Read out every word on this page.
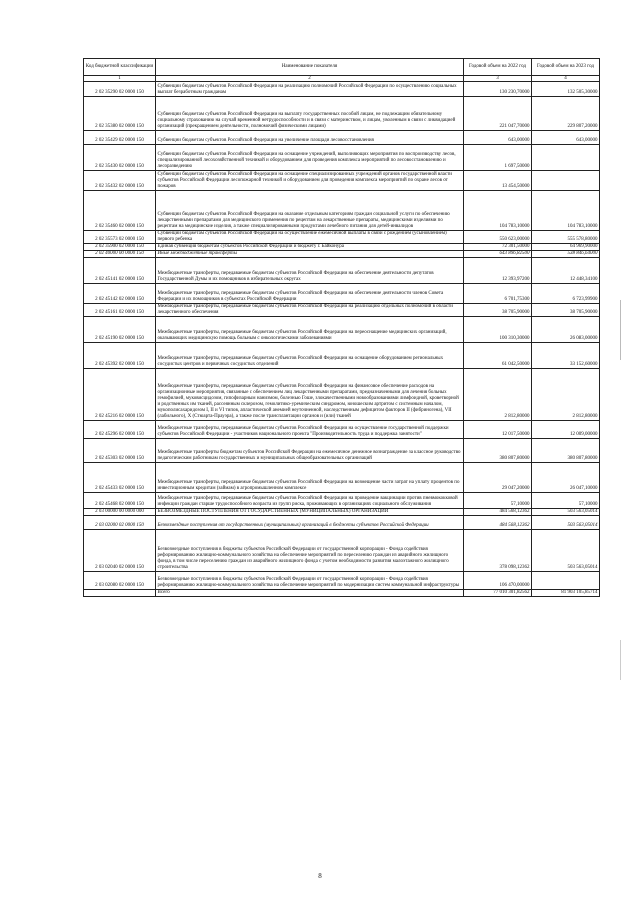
Код бюджетной классификации	Наименование показателя	Годовой объем на 2022 год	Годовой объем на 2023 год
1	2	3	4
2 02 35290 02 0000 150	Субвенции бюджетам субъектов Российской Федерации на реализацию полномочий Российской Федерации по осуществлению социальных выплат безработным гражданам	130 230,70000	132 505,30000
2 02 35380 02 0000 150	Субвенции бюджетам субъектов Российской Федерации на выплату государственных пособий лицам, не подлежащим обязательному социальному страхованию на случай временной нетрудоспособности и в связи с материнством, и лицам, уволенным в связи с ликвидацией организаций (прекращением деятельности, полномочий физическими лицами)	221 047,70000	229 807,20000
2 02 35429 02 0000 150	Субвенции бюджетам субъектов Российской Федерации на увеличение площади лесовосстановления	643,00000	643,00000
2 02 35430 02 0000 150	Субвенции бюджетам субъектов Российской Федерации на оснащение учреждений, выполняющих мероприятия по воспроизводству лесов, специализированной лесохозяйственной техникой и оборудованием для проведения комплекса мероприятий по лесовосстановлению и лесоразведению	1 697,50000	
2 02 35432 02 0000 150	Субвенции бюджетам субъектов Российской Федерации на оснащение специализированных учреждений органов государственной власти субъектов Российской Федерации лесопожарной техникой и оборудованием для проведения комплекса мероприятий по охране лесов от пожаров	13 454,50000	
2 02 35460 02 0000 150	Субвенции бюджетам субъектов Российской Федерации на оказание отдельным категориям граждан социальной услуги по обеспечению лекарственными препаратами для медицинского применения по рецептам на лекарственные препараты, медицинскими изделиями по рецептам на медицинские изделия, а также специализированными продуктами лечебного питания для детей-инвалидов	104 783,10000	104 783,10000
2 02 35573 02 0000 150	Субвенции бюджетам субъектов Российской Федерации на осуществление ежемесячной выплаты в связи с рождением (усыновлением) первого ребенка	550 623,00000	555 578,80000
2 02 35900 02 0000 150	Единая субвенция бюджетам субъектов Российской Федерации и бюджету г. Байконура	72 301,50000	64 969,90000
2 02 40000 00 0000 150	Иные межбюджетные трансферты	643 896,82500	538 846,64000
2 02 45141 02 0000 150	Межбюджетные трансферты, передаваемые бюджетам субъектов Российской Федерации на обеспечение деятельности депутатов Государственной Думы и их помощников в избирательных округах	12 393,97200	12 448,34100
2 02 45142 02 0000 150	Межбюджетные трансферты, передаваемые бюджетам субъектов Российской Федерации на обеспечение деятельности членов Совета Федерации и их помощников в субъектах Российской Федерации	6 701,75300	6 723,99900
2 02 45161 02 0000 150	Межбюджетные трансферты, передаваемые бюджетам субъектов Российской Федерации на реализацию отдельных полномочий в области лекарственного обеспечения	38 705,90000	38 705,90000
2 02 45190 02 0000 150	Межбюджетные трансферты, передаваемые бюджетам субъектов Российской Федерации на переоснащение медицинских организаций, оказывающих медицинскую помощь больным с онкологическими заболеваниями	100 310,30000	26 083,00000
2 02 45392 02 0000 150	Межбюджетные трансферты, передаваемые бюджетам субъектов Российской Федерации на оснащение оборудованием региональных сосудистых центров и первичных сосудистых отделений	61 042,50000	33 152,60000
2 02 45216 02 0000 150	Межбюджетные трансферты, передаваемые бюджетам субъектов Российской Федерации на финансовое обеспечение расходов на организационные мероприятия, связанные с обеспечением лиц лекарственными препаратами, предназначенными для лечения больных гемофилией, муковисцидозом, гипофизарным нанизмом, болезнью Гоше, злокачественными новообразованиями лимфоидной, кроветворной и родственных им тканей, рассеянным склерозом, гемолитико-уремическим синдромом, юношеским артритом с системным началом, мукополисахаридозом I, II и VI типов, апластической анемией неуточненной, наследственным дефицитом факторов II (фибриногена), VII (лабильного), X (Стюарта-Прауэра), а также после трансплантации органов и (или) тканей	2 812,80000	2 812,80000
2 02 45296 02 0000 150	Межбюджетные трансферты, передаваемые бюджетам субъектов Российской Федерации на осуществление государственной поддержки субъектов Российской Федерации - участников национального проекта "Производительность труда и поддержка занятости"	12 017,50000	12 009,00000
2 02 45303 02 0000 150	Межбюджетные трансферты бюджетам субъектов Российской Федерации на ежемесячное денежное вознаграждение за классное руководство педагогическим работникам государственных и муниципальных общеобразовательных организаций	380 807,80000	380 807,80000
2 02 45433 02 0000 150	Межбюджетные трансферты, передаваемые бюджетам субъектов Российской Федерации на возмещение части затрат на уплату процентов по инвестиционным кредитам (займам) в агропромышленном комплексе	29 047,20000	26 047,10000
2 02 45468 02 0000 150	Межбюджетные трансферты, передаваемые бюджетам субъектов Российской Федерации на проведение вакцинации против пневмококковой инфекции граждан старше трудоспособного возраста из групп риска, проживающих в организациях социального обслуживания	57,10000	57,10000
2 03 00000 00 0000 000	БЕЗВОЗМЕЗДНЫЕ ПОСТУПЛЕНИЯ ОТ ГОСУДАРСТВЕННЫХ (МУНИЦИПАЛЬНЫХ) ОРГАНИЗАЦИЙ	484 568,12362	503 563,05014
2 03 02000 02 0000 150	Безвозмездные поступления от государственных (муниципальных) организаций в бюджеты субъектов Российской Федерации	484 568,12362	503 563,05014
2 03 02040 02 0000 150	Безвозмездные поступления в бюджеты субъектов Российской Федерации от государственной корпорации - Фонда содействия реформированию жилищно-коммунального хозяйства на обеспечение мероприятий по переселению граждан из аварийного жилищного фонда, в том числе переселению граждан из аварийного жилищного фонда с учетом необходимости развития малоэтажного жилищного строительства	378 098,12362	503 563,05014
2 03 02080 02 0000 150	Безвозмездные поступления в бюджеты субъектов Российской Федерации от государственной корпорации - Фонда содействия реформированию жилищно-коммунального хозяйства на обеспечение мероприятий по модернизации систем коммунальной инфраструктуры	106 470,00000	
	Всего	77 010 301,82562	81 903 105,85714
8
